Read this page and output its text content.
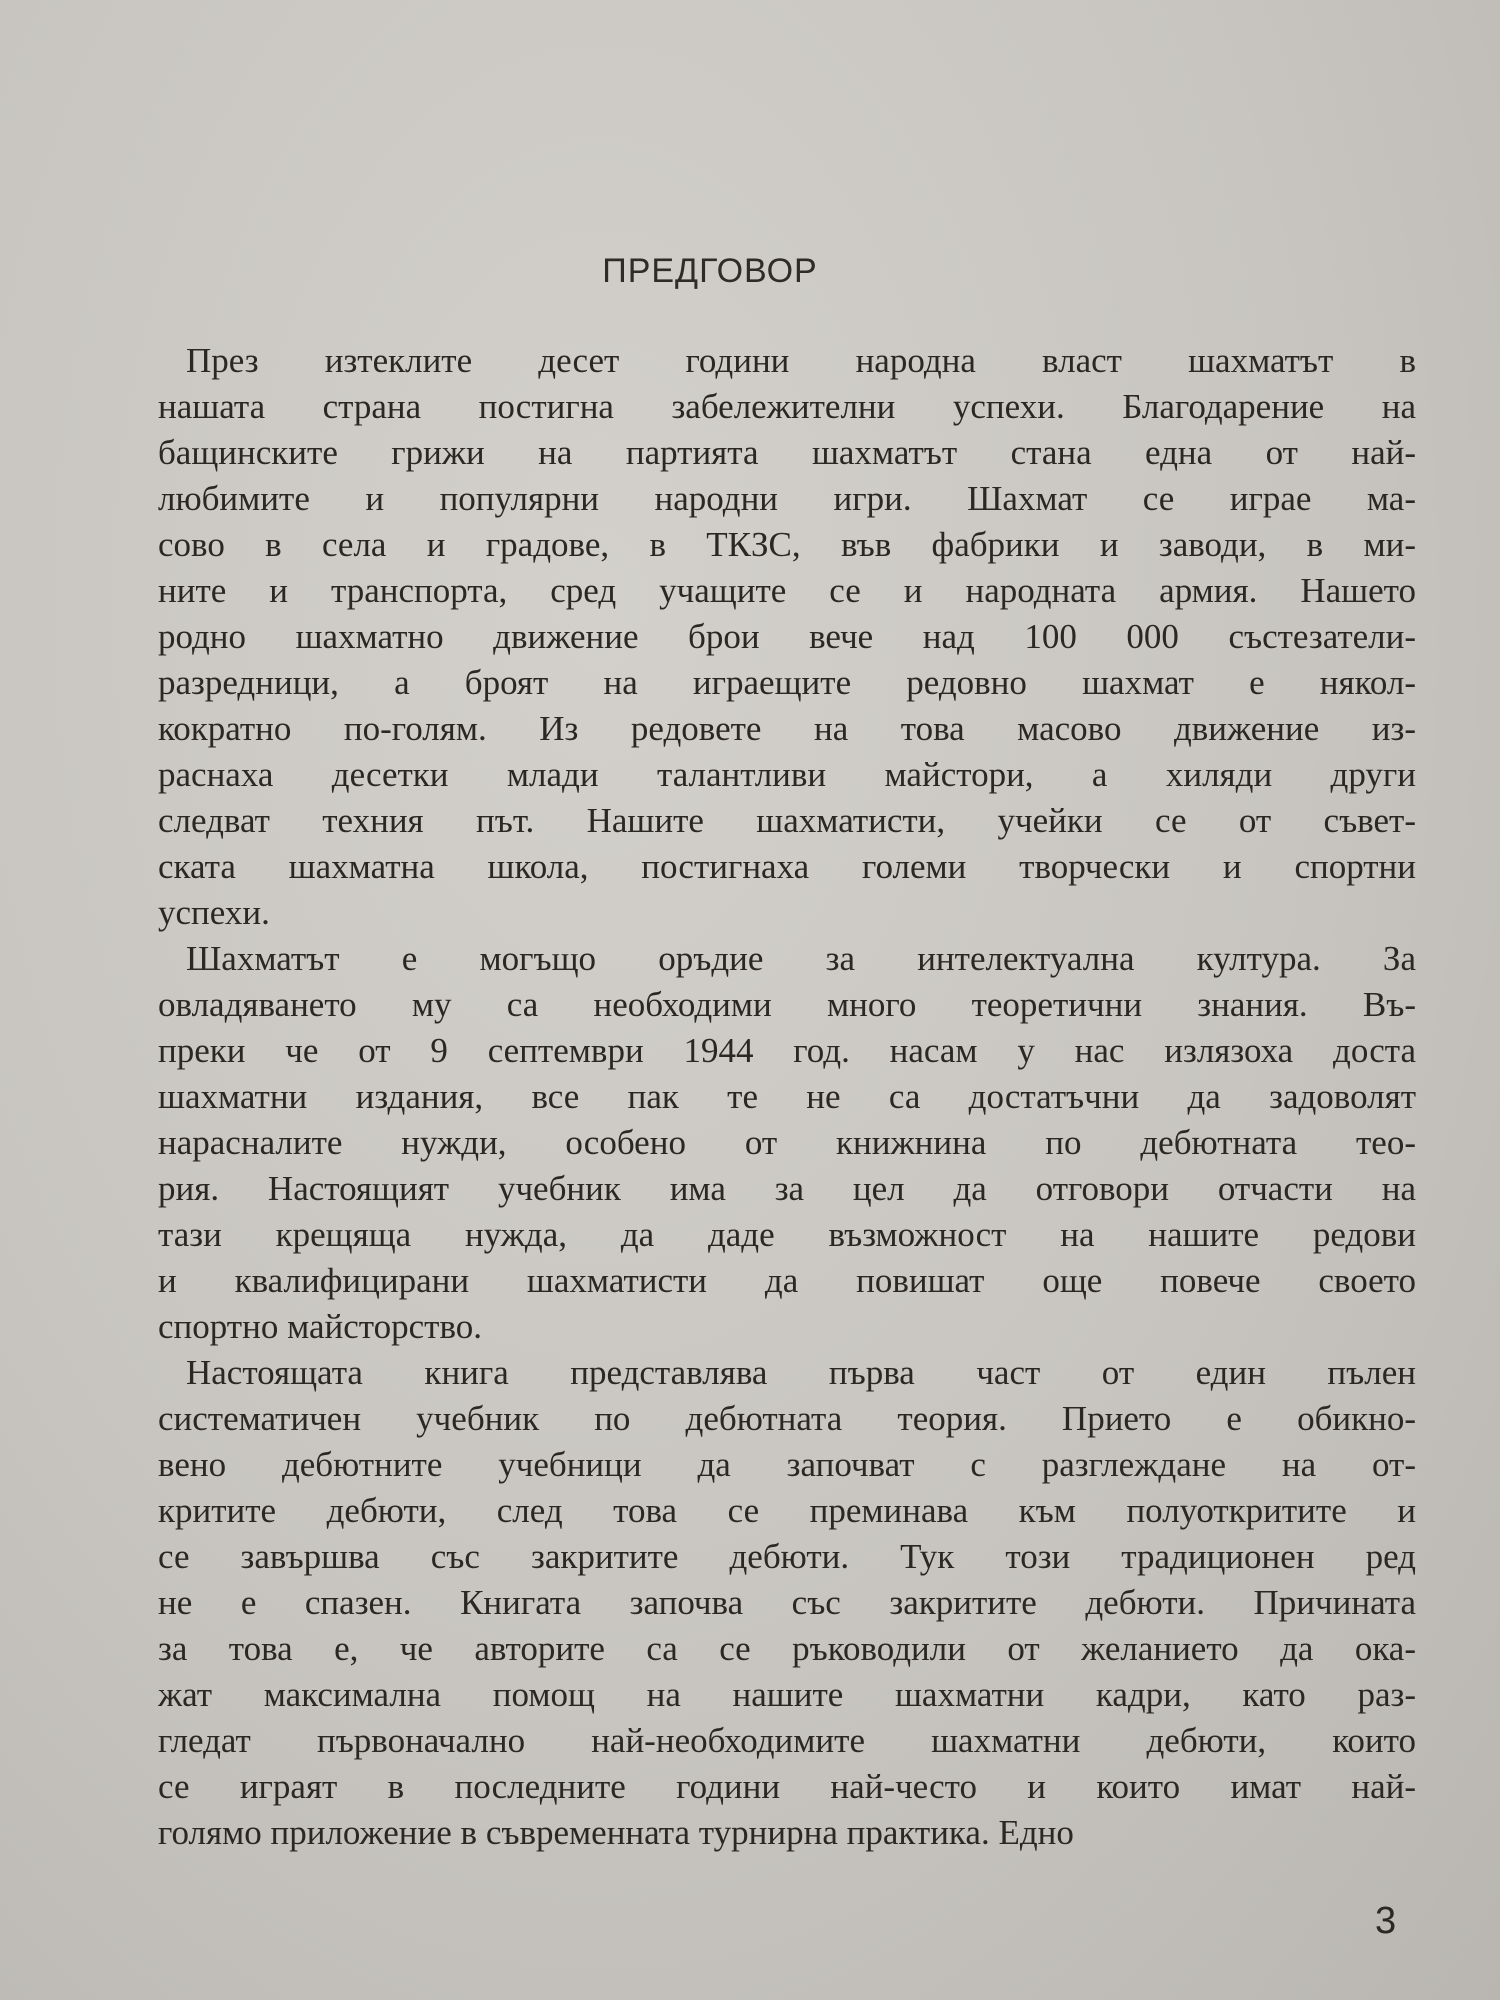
ПРЕДГОВОР
През изтеклите десет години народна власт шахматът в
нашата страна постигна забележителни успехи. Благодарение на
бащинските грижи на партията шахматът стана една от най-
любимите и популярни народни игри. Шахмат се играе ма-
сово в села и градове, в ТКЗС, във фабрики и заводи, в ми-
ните и транспорта, сред учащите се и народната армия. Нашето
родно шахматно движение брои вече над 100 000 състезатели-
разредници, а броят на играещите редовно шахмат е някол-
кократно по-голям. Из редовете на това масово движение из-
раснаха десетки млади талантливи майстори, а хиляди други
следват техния път. Нашите шахматисти, учейки се от съвет-
ската шахматна школа, постигнаха големи творчески и спортни
успехи.
Шахматът е могъщо оръдие за интелектуална култура. За
овладяването му са необходими много теоретични знания. Въ-
преки че от 9 септември 1944 год. насам у нас излязоха доста
шахматни издания, все пак те не са достатъчни да задоволят
нарасналите нужди, особено от книжнина по дебютната тео-
рия. Настоящият учебник има за цел да отговори отчасти на
тази крещяща нужда, да даде възможност на нашите редови
и квалифицирани шахматисти да повишат още повече своето
спортно майсторство.
Настоящата книга представлява първа част от един пълен
систематичен учебник по дебютната теория. Прието е обикно-
вено дебютните учебници да започват с разглеждане на от-
критите дебюти, след това се преминава към полуоткритите и
се завършва със закритите дебюти. Тук този традиционен ред
не е спазен. Книгата започва със закритите дебюти. Причината
за това е, че авторите са се ръководили от желанието да ока-
жат максимална помощ на нашите шахматни кадри, като раз-
гледат първоначално най-необходимите шахматни дебюти, които
се играят в последните години най-често и които имат най-
голямо приложение в съвременната турнирна практика. Едно
3
